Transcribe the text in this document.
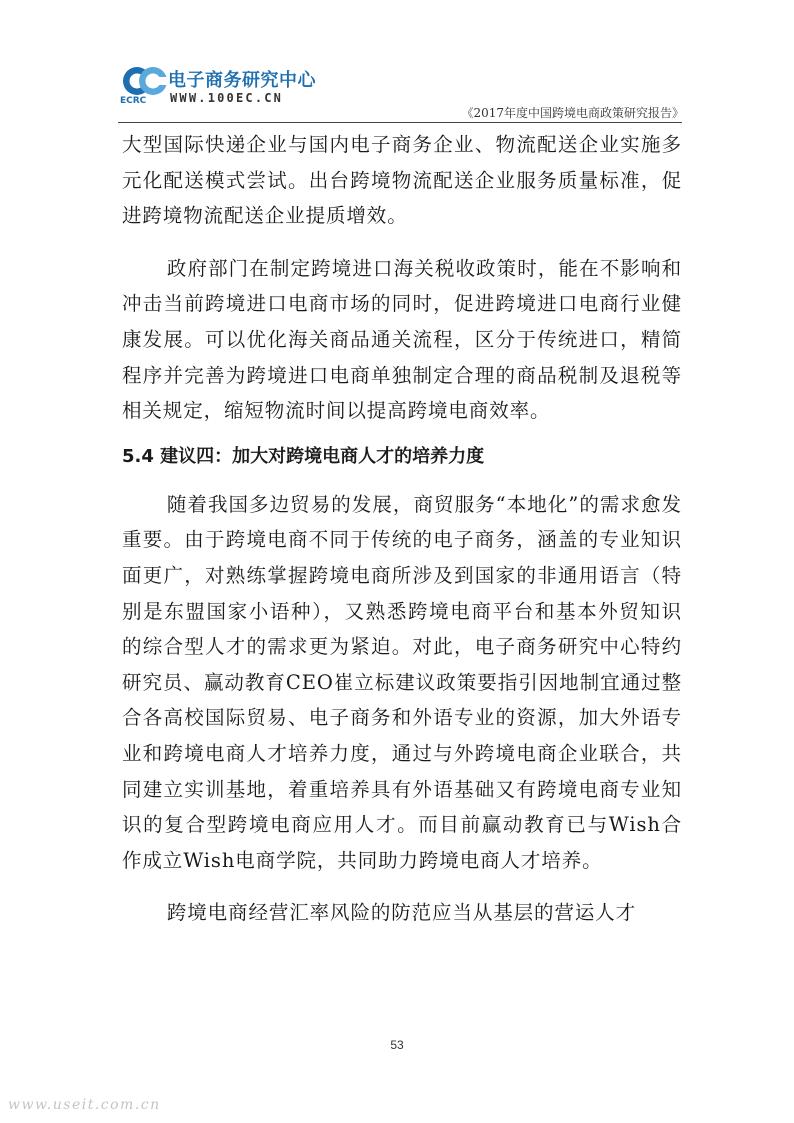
电子商务研究中心
ECRC WWW.100EC.CN
《2017年度中国跨境电商政策研究报告》

大型国际快递企业与国内电子商务企业、物流配送企业实施多元化配送模式尝试。出台跨境物流配送企业服务质量标准，促进跨境物流配送企业提质增效。

政府部门在制定跨境进口海关税收政策时，能在不影响和冲击当前跨境进口电商市场的同时，促进跨境进口电商行业健康发展。可以优化海关商品通关流程，区分于传统进口，精简程序并完善为跨境进口电商单独制定合理的商品税制及退税等相关规定，缩短物流时间以提高跨境电商效率。

5.4 建议四：加大对跨境电商人才的培养力度

随着我国多边贸易的发展，商贸服务“本地化”的需求愈发重要。由于跨境电商不同于传统的电子商务，涵盖的专业知识面更广，对熟练掌握跨境电商所涉及到国家的非通用语言（特别是东盟国家小语种），又熟悉跨境电商平台和基本外贸知识的综合型人才的需求更为紧迫。对此，电子商务研究中心特约研究员、赢动教育CEO崔立标建议政策要指引因地制宜通过整合各高校国际贸易、电子商务和外语专业的资源，加大外语专业和跨境电商人才培养力度，通过与外跨境电商企业联合，共同建立实训基地，着重培养具有外语基础又有跨境电商专业知识的复合型跨境电商应用人才。而目前赢动教育已与Wish合作成立Wish电商学院，共同助力跨境电商人才培养。

跨境电商经营汇率风险的防范应当从基层的营运人才

53
www.useit.com.cn
